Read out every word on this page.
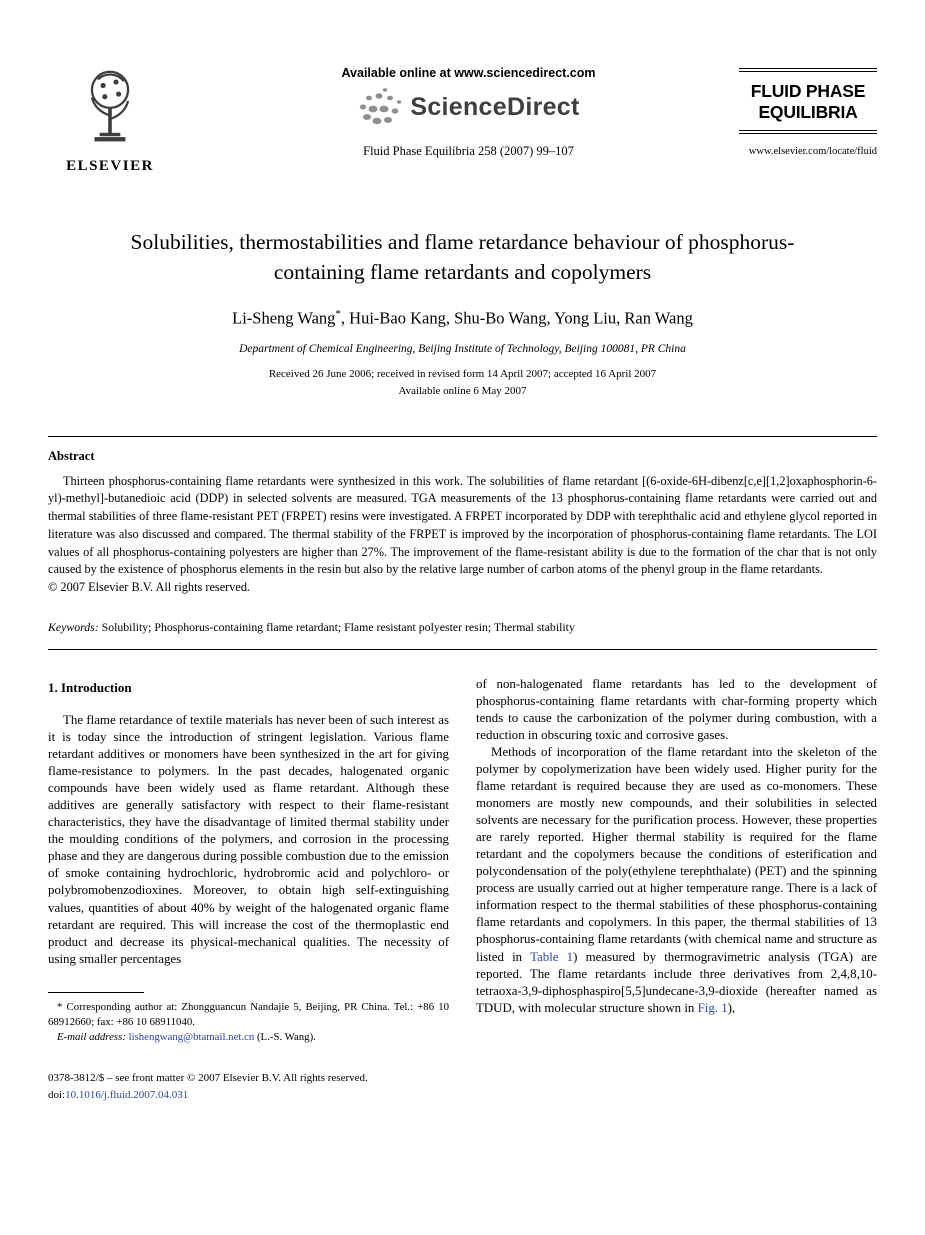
ELSEVIER
Available online at www.sciencedirect.com
ScienceDirect
Fluid Phase Equilibria 258 (2007) 99–107
FLUID PHASE
EQUILIBRIA
www.elsevier.com/locate/fluid
Solubilities, thermostabilities and flame retardance behaviour of phosphorus-containing flame retardants and copolymers
Li-Sheng Wang*, Hui-Bao Kang, Shu-Bo Wang, Yong Liu, Ran Wang
Department of Chemical Engineering, Beijing Institute of Technology, Beijing 100081, PR China
Received 26 June 2006; received in revised form 14 April 2007; accepted 16 April 2007
Available online 6 May 2007
Abstract

Thirteen phosphorus-containing flame retardants were synthesized in this work. The solubilities of flame retardant [(6-oxide-6H-dibenz[c,e][1,2]oxaphosphorin-6-yl)-methyl]-butanedioic acid (DDP) in selected solvents are measured. TGA measurements of the 13 phosphorus-containing flame retardants were carried out and thermal stabilities of three flame-resistant PET (FRPET) resins were investigated. A FRPET incorporated by DDP with terephthalic acid and ethylene glycol reported in literature was also discussed and compared. The thermal stability of the FRPET is improved by the incorporation of phosphorus-containing flame retardants. The LOI values of all phosphorus-containing polyesters are higher than 27%. The improvement of the flame-resistant ability is due to the formation of the char that is not only caused by the existence of phosphorus elements in the resin but also by the relative large number of carbon atoms of the phenyl group in the flame retardants.

© 2007 Elsevier B.V. All rights reserved.

Keywords: Solubility; Phosphorus-containing flame retardant; Flame resistant polyester resin; Thermal stability

1. Introduction

The flame retardance of textile materials has never been of such interest as it is today since the introduction of stringent legislation. Various flame retardant additives or monomers have been synthesized in the art for giving flame-resistance to polymers. In the past decades, halogenated organic compounds have been widely used as flame retardant. Although these additives are generally satisfactory with respect to their flame-resistant characteristics, they have the disadvantage of limited thermal stability under the moulding conditions of the polymers, and corrosion in the processing phase and they are dangerous during possible combustion due to the emission of smoke containing hydrochloric, hydrobromic acid and polychloro- or polybromobenzodioxines. Moreover, to obtain high self-extinguishing values, quantities of about 40% by weight of the halogenated organic flame retardant are required. This will increase the cost of the thermoplastic end product and decrease its physical-mechanical qualities. The necessity of using smaller percentages

* Corresponding author at: Zhongguancun Nandajie 5, Beijing, PR China. Tel.: +86 10 68912660; fax: +86 10 68911040.

E-mail address: lishengwang@btamail.net.cn (L.-S. Wang).

of non-halogenated flame retardants has led to the development of phosphorus-containing flame retardants with char-forming property which tends to cause the carbonization of the polymer during combustion, with a reduction in obscuring toxic and corrosive gases.

Methods of incorporation of the flame retardant into the skeleton of the polymer by copolymerization have been widely used. Higher purity for the flame retardant is required because they are used as co-monomers. These monomers are mostly new compounds, and their solubilities in selected solvents are necessary for the purification process. However, these properties are rarely reported. Higher thermal stability is required for the flame retardant and the copolymers because the conditions of esterification and polycondensation of the poly(ethylene terephthalate) (PET) and the spinning process are usually carried out at higher temperature range. There is a lack of information respect to the thermal stabilities of these phosphorus-containing flame retardants and copolymers. In this paper, the thermal stabilities of 13 phosphorus-containing flame retardants (with chemical name and structure as listed in Table 1) measured by thermogravimetric analysis (TGA) are reported. The flame retardants include three derivatives from 2,4,8,10-tetraoxa-3,9-diphosphaspiro[5,5]undecane-3,9-dioxide (hereafter named as TDUD, with molecular structure shown in Fig. 1),

0378-3812/$ – see front matter © 2007 Elsevier B.V. All rights reserved.
doi:10.1016/j.fluid.2007.04.031
